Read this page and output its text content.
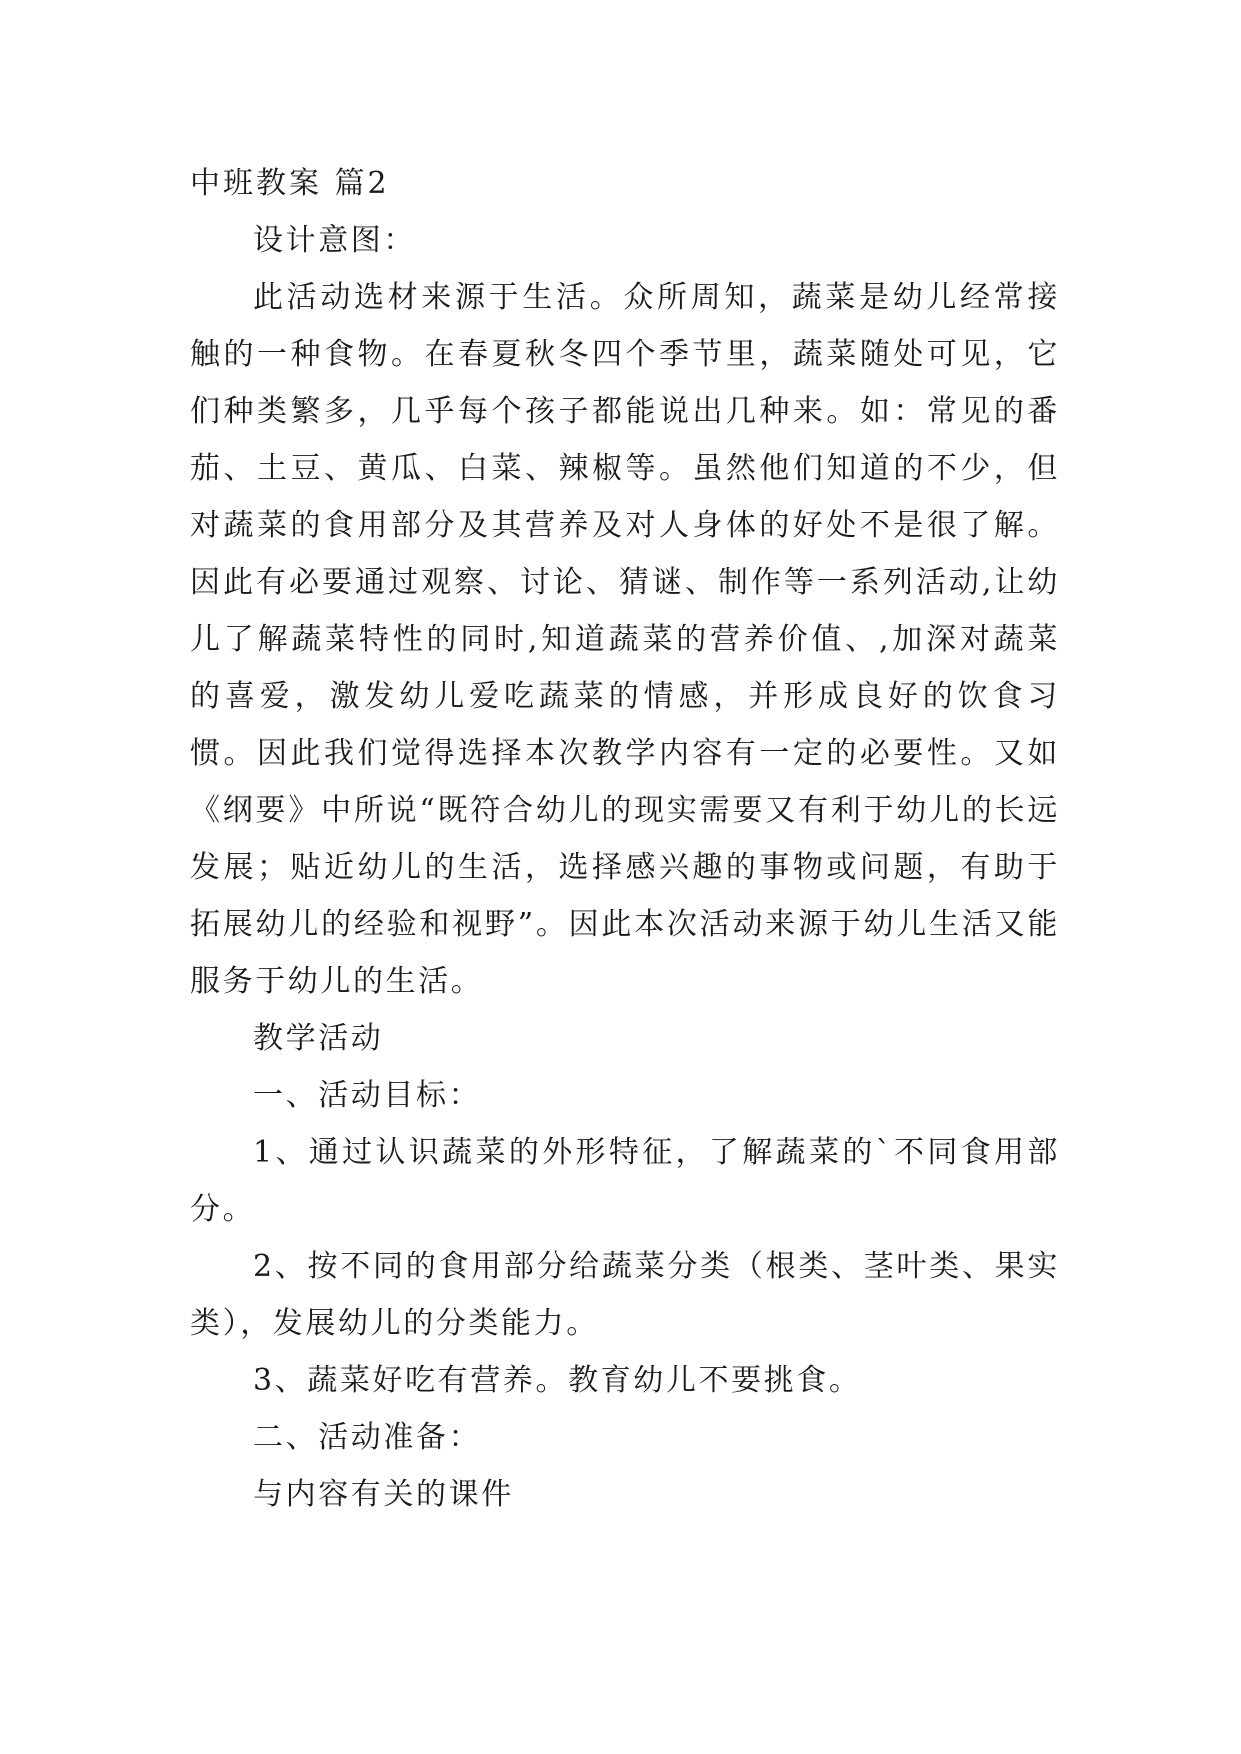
中班教案 篇2

设计意图：

此活动选材来源于生活。众所周知，蔬菜是幼儿经常接触的一种食物。在春夏秋冬四个季节里，蔬菜随处可见，它们种类繁多，几乎每个孩子都能说出几种来。如：常见的番茄、土豆、黄瓜、白菜、辣椒等。虽然他们知道的不少，但对蔬菜的食用部分及其营养及对人身体的好处不是很了解。因此有必要通过观察、讨论、猜谜、制作等一系列活动,让幼儿了解蔬菜特性的同时,知道蔬菜的营养价值、,加深对蔬菜的喜爱，激发幼儿爱吃蔬菜的情感，并形成良好的饮食习惯。因此我们觉得选择本次教学内容有一定的必要性。又如《纲要》中所说“既符合幼儿的现实需要又有利于幼儿的长远发展；贴近幼儿的生活，选择感兴趣的事物或问题，有助于拓展幼儿的经验和视野”。因此本次活动来源于幼儿生活又能服务于幼儿的生活。

教学活动

一、活动目标：

1、通过认识蔬菜的外形特征，了解蔬菜的`不同食用部分。

2、按不同的食用部分给蔬菜分类（根类、茎叶类、果实类），发展幼儿的分类能力。

3、蔬菜好吃有营养。教育幼儿不要挑食。

二、活动准备：

与内容有关的课件
